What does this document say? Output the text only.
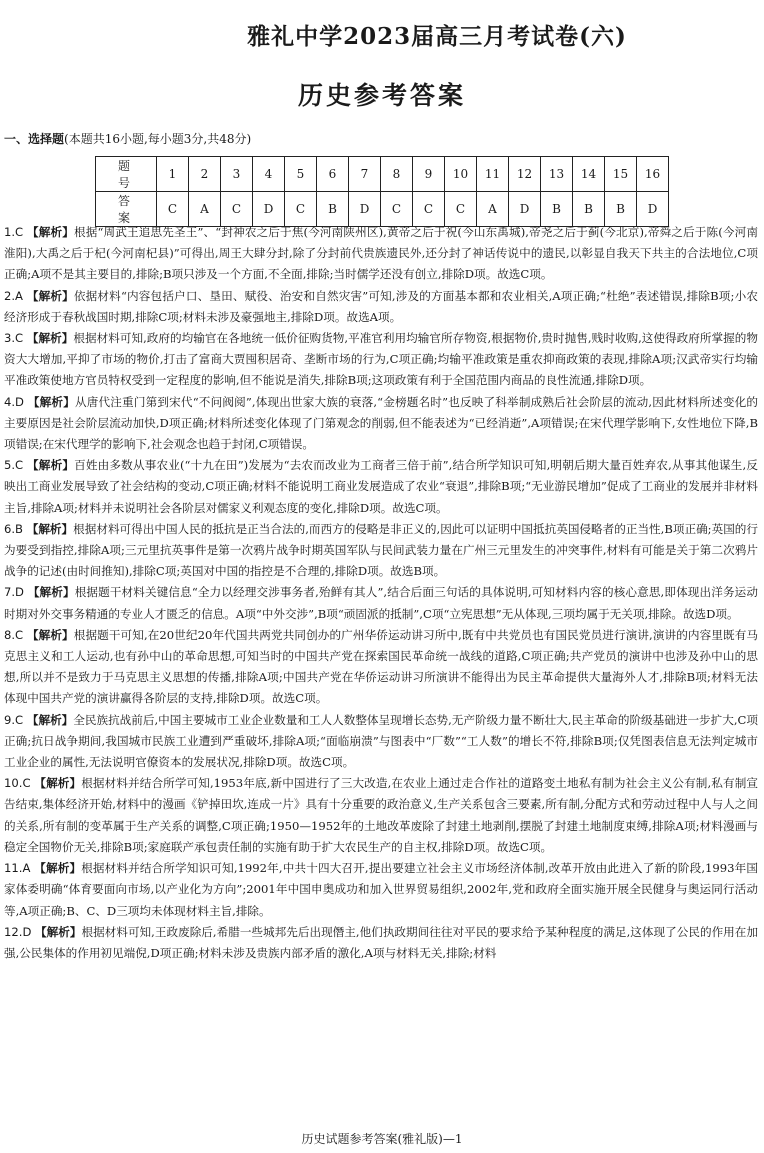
雅礼中学2023届高三月考试卷(六)
历史参考答案
一、选择题(本题共16小题,每小题3分,共48分)
题　号	1	2	3	4	5	6	7	8	9	10	11	12	13	14	15	16
答　案	C	A	C	D	C	B	D	C	C	C	A	D	B	B	B	D

1.C 【解析】根据“周武王追思先圣王”、“封神农之后于焦(今河南陕州区),黄帝之后于祝(今山东禹城),帝尧之后于蓟(今北京),帝舜之后于陈(今河南淮阳),大禹之后于杞(今河南杞县)”可得出,周王大肆分封,除了分封前代贵族遗民外,还分封了神话传说中的遗民,以彰显自我天下共主的合法地位,C项正确;A项不是其主要目的,排除;B项只涉及一个方面,不全面,排除;当时儒学还没有创立,排除D项。故选C项。

2.A 【解析】依据材料“内容包括户口、垦田、赋役、治安和自然灾害”可知,涉及的方面基本都和农业相关,A项正确;“杜绝”表述错误,排除B项;小农经济形成于春秋战国时期,排除C项;材料未涉及豪强地主,排除D项。故选A项。

3.C 【解析】根据材料可知,政府的均输官在各地统一低价征购货物,平准官利用均输官所存物资,根据物价,贵时抛售,贱时收购,这使得政府所掌握的物资大大增加,平抑了市场的物价,打击了富商大贾囤积居奇、垄断市场的行为,C项正确;均输平准政策是重农抑商政策的表现,排除A项;汉武帝实行均输平准政策使地方官员特权受到一定程度的影响,但不能说是消失,排除B项;这项政策有利于全国范围内商品的良性流通,排除D项。

4.D 【解析】从唐代注重门第到宋代“不问阀阅”,体现出世家大族的衰落,“金榜题名时”也反映了科举制成熟后社会阶层的流动,因此材料所述变化的主要原因是社会阶层流动加快,D项正确;材料所述变化体现了门第观念的削弱,但不能表述为“已经消逝”,A项错误;在宋代理学影响下,女性地位下降,B项错误;在宋代理学的影响下,社会观念也趋于封闭,C项错误。

5.C 【解析】百姓由多数从事农业(“十九在田”)发展为“去农而改业为工商者三倍于前”,结合所学知识可知,明朝后期大量百姓弃农,从事其他谋生,反映出工商业发展导致了社会结构的变动,C项正确;材料不能说明工商业发展造成了农业“衰退”,排除B项;“无业游民增加”促成了工商业的发展并非材料主旨,排除A项;材料并未说明社会各阶层对儒家义利观态度的变化,排除D项。故选C项。

6.B 【解析】根据材料可得出中国人民的抵抗是正当合法的,而西方的侵略是非正义的,因此可以证明中国抵抗英国侵略者的正当性,B项正确;英国的行为要受到指控,排除A项;三元里抗英事件是第一次鸦片战争时期英国军队与民间武装力量在广州三元里发生的冲突事件,材料有可能是关于第二次鸦片战争的记述(由时间推知),排除C项;英国对中国的指控是不合理的,排除D项。故选B项。

7.D 【解析】根据题干材料关键信息“全力以经理交涉事务者,殆鲜有其人”,结合后面三句话的具体说明,可知材料内容的核心意思,即体现出洋务运动时期对外交事务精通的专业人才匮乏的信息。A项“中外交涉”,B项“顽固派的抵制”,C项“立宪思想”无从体现,三项均属于无关项,排除。故选D项。

8.C 【解析】根据题干可知,在20世纪20年代国共两党共同创办的广州华侨运动讲习所中,既有中共党员也有国民党员进行演讲,演讲的内容里既有马克思主义和工人运动,也有孙中山的革命思想,可知当时的中国共产党在探索国民革命统一战线的道路,C项正确;共产党员的演讲中也涉及孙中山的思想,所以并不是致力于马克思主义思想的传播,排除A项;中国共产党在华侨运动讲习所演讲不能得出为民主革命提供大量海外人才,排除B项;材料无法体现中国共产党的演讲赢得各阶层的支持,排除D项。故选C项。

9.C 【解析】全民族抗战前后,中国主要城市工业企业数量和工人人数整体呈现增长态势,无产阶级力量不断壮大,民主革命的阶级基础进一步扩大,C项正确;抗日战争期间,我国城市民族工业遭到严重破坏,排除A项;“面临崩溃”与图表中“厂数”“工人数”的增长不符,排除B项;仅凭图表信息无法判定城市工业企业的属性,无法说明官僚资本的发展状况,排除D项。故选C项。

10.C 【解析】根据材料并结合所学可知,1953年底,新中国进行了三大改造,在农业上通过走合作社的道路变土地私有制为社会主义公有制,私有制宣告结束,集体经济开始,材料中的漫画《铲掉田坎,连成一片》具有十分重要的政治意义,生产关系包含三要素,所有制,分配方式和劳动过程中人与人之间的关系,所有制的变革属于生产关系的调整,C项正确;1950—1952年的土地改革废除了封建土地剥削,摆脱了封建土地制度束缚,排除A项;材料漫画与稳定全国物价无关,排除B项;家庭联产承包责任制的实施有助于扩大农民生产的自主权,排除D项。故选C项。

11.A 【解析】根据材料并结合所学知识可知,1992年,中共十四大召开,提出要建立社会主义市场经济体制,改革开放由此进入了新的阶段,1993年国家体委明确“体育要面向市场,以产业化为方向”;2001年中国申奥成功和加入世界贸易组织,2002年,党和政府全面实施开展全民健身与奥运同行活动等,A项正确;B、C、D三项均未体现材料主旨,排除。

12.D 【解析】根据材料可知,王政废除后,希腊一些城邦先后出现僭主,他们执政期间往往对平民的要求给予某种程度的满足,这体现了公民的作用在加强,公民集体的作用初见端倪,D项正确;材料未涉及贵族内部矛盾的激化,A项与材料无关,排除;材料

历史试题参考答案(雅礼版)—1
